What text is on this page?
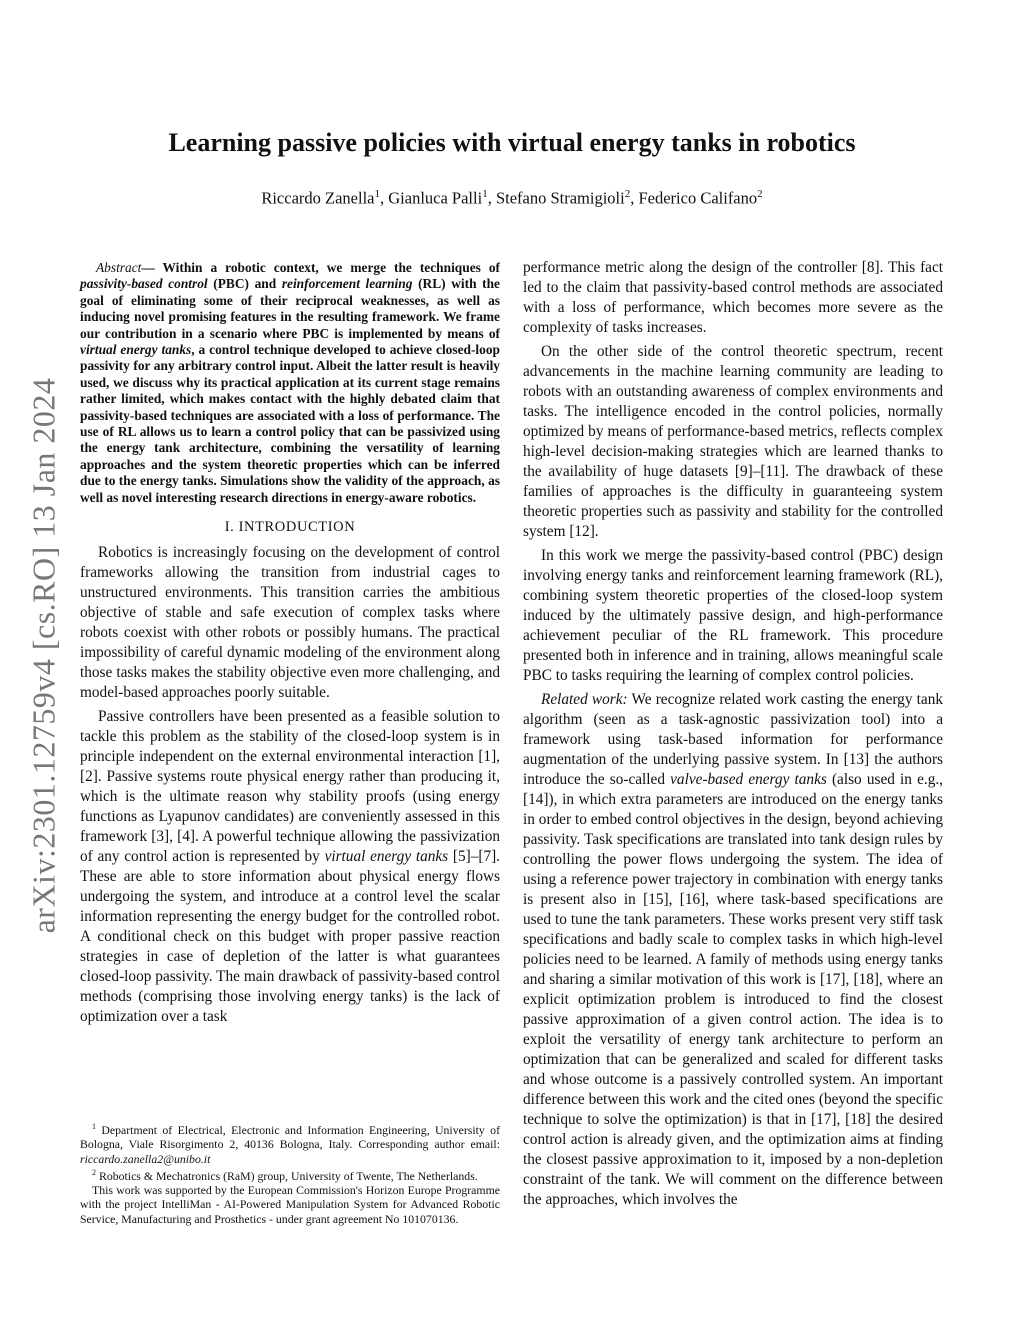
arXiv:2301.12759v4 [cs.RO] 13 Jan 2024
Learning passive policies with virtual energy tanks in robotics
Riccardo Zanella$^1$, Gianluca Palli$^1$, Stefano Stramigioli$^2$, Federico Califano$^2$

Abstract— Within a robotic context, we merge the techniques of passivity-based control (PBC) and reinforcement learning (RL) with the goal of eliminating some of their reciprocal weaknesses, as well as inducing novel promising features in the resulting framework. We frame our contribution in a scenario where PBC is implemented by means of virtual energy tanks, a control technique developed to achieve closed-loop passivity for any arbitrary control input. Albeit the latter result is heavily used, we discuss why its practical application at its current stage remains rather limited, which makes contact with the highly debated claim that passivity-based techniques are associated with a loss of performance. The use of RL allows us to learn a control policy that can be passivized using the energy tank architecture, combining the versatility of learning approaches and the system theoretic properties which can be inferred due to the energy tanks. Simulations show the validity of the approach, as well as novel interesting research directions in energy-aware robotics.

I. INTRODUCTION

Robotics is increasingly focusing on the development of control frameworks allowing the transition from industrial cages to unstructured environments. This transition carries the ambitious objective of stable and safe execution of complex tasks where robots coexist with other robots or possibly humans. The practical impossibility of careful dynamic modeling of the environment along those tasks makes the stability objective even more challenging, and model-based approaches poorly suitable.

Passive controllers have been presented as a feasible solution to tackle this problem as the stability of the closed-loop system is in principle independent on the external environmental interaction [1], [2]. Passive systems route physical energy rather than producing it, which is the ultimate reason why stability proofs (using energy functions as Lyapunov candidates) are conveniently assessed in this framework [3], [4]. A powerful technique allowing the passivization of any control action is represented by virtual energy tanks [5]–[7]. These are able to store information about physical energy flows undergoing the system, and introduce at a control level the scalar information representing the energy budget for the controlled robot. A conditional check on this budget with proper passive reaction strategies in case of depletion of the latter is what guarantees closed-loop passivity. The main drawback of passivity-based control methods (comprising those involving energy tanks) is the lack of optimization over a task

performance metric along the design of the controller [8]. This fact led to the claim that passivity-based control methods are associated with a loss of performance, which becomes more severe as the complexity of tasks increases.

On the other side of the control theoretic spectrum, recent advancements in the machine learning community are leading to robots with an outstanding awareness of complex environments and tasks. The intelligence encoded in the control policies, normally optimized by means of performance-based metrics, reflects complex high-level decision-making strategies which are learned thanks to the availability of huge datasets [9]–[11]. The drawback of these families of approaches is the difficulty in guaranteeing system theoretic properties such as passivity and stability for the controlled system [12].

In this work we merge the passivity-based control (PBC) design involving energy tanks and reinforcement learning framework (RL), combining system theoretic properties of the closed-loop system induced by the ultimately passive design, and high-performance achievement peculiar of the RL framework. This procedure presented both in inference and in training, allows meaningful scale PBC to tasks requiring the learning of complex control policies.

Related work: We recognize related work casting the energy tank algorithm (seen as a task-agnostic passivization tool) into a framework using task-based information for performance augmentation of the underlying passive system. In [13] the authors introduce the so-called valve-based energy tanks (also used in e.g., [14]), in which extra parameters are introduced on the energy tanks in order to embed control objectives in the design, beyond achieving passivity. Task specifications are translated into tank design rules by controlling the power flows undergoing the system. The idea of using a reference power trajectory in combination with energy tanks is present also in [15], [16], where task-based specifications are used to tune the tank parameters. These works present very stiff task specifications and badly scale to complex tasks in which high-level policies need to be learned. A family of methods using energy tanks and sharing a similar motivation of this work is [17], [18], where an explicit optimization problem is introduced to find the closest passive approximation of a given control action. The idea is to exploit the versatility of energy tank architecture to perform an optimization that can be generalized and scaled for different tasks and whose outcome is a passively controlled system. An important difference between this work and the cited ones (beyond the specific technique to solve the optimization) is that in [17], [18] the desired control action is already given, and the optimization aims at finding the closest passive approximation to it, imposed by a non-depletion constraint of the tank. We will comment on the difference between the approaches, which involves the

$^1$ Department of Electrical, Electronic and Information Engineering, University of Bologna, Viale Risorgimento 2, 40136 Bologna, Italy. Corresponding author email: riccardo.zanella2@unibo.it

$^2$ Robotics & Mechatronics (RaM) group, University of Twente, The Netherlands.

This work was supported by the European Commission's Horizon Europe Programme with the project IntelliMan - AI-Powered Manipulation System for Advanced Robotic Service, Manufacturing and Prosthetics - under grant agreement No 101070136.
